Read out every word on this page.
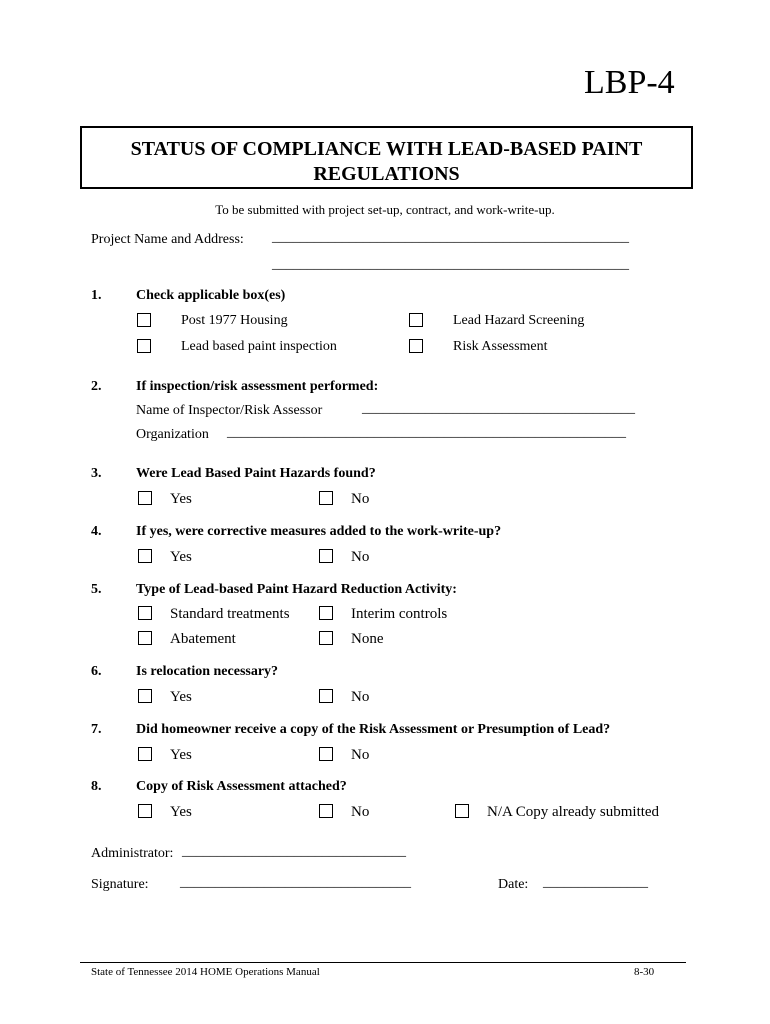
LBP-4
STATUS OF COMPLIANCE WITH LEAD-BASED PAINT
REGULATIONS
To be submitted with project set-up, contract, and work-write-up.
Project Name and Address: ___________________________________________________
___________________________________________________
1. Check applicable box(es)
Post 1977 Housing	Lead Hazard Screening
Lead based paint inspection	Risk Assessment
2. If inspection/risk assessment performed:
Name of Inspector/Risk Assessor	_______________________________________
Organization _________________________________________________________
3. Were Lead Based Paint Hazards found?
Yes	No
4. If yes, were corrective measures added to the work-write-up?
Yes	No
5. Type of Lead-based Paint Hazard Reduction Activity:
Standard treatments	Interim controls
Abatement	None
6. Is relocation necessary?
Yes	No
7. Did homeowner receive a copy of the Risk Assessment or Presumption of Lead?
Yes	No
8. Copy of Risk Assessment attached?
Yes	No	N/A Copy already submitted
Administrator: ________________________________
Signature: _________________________________	Date: _______________
State of Tennessee 2014 HOME Operations Manual	8-30
